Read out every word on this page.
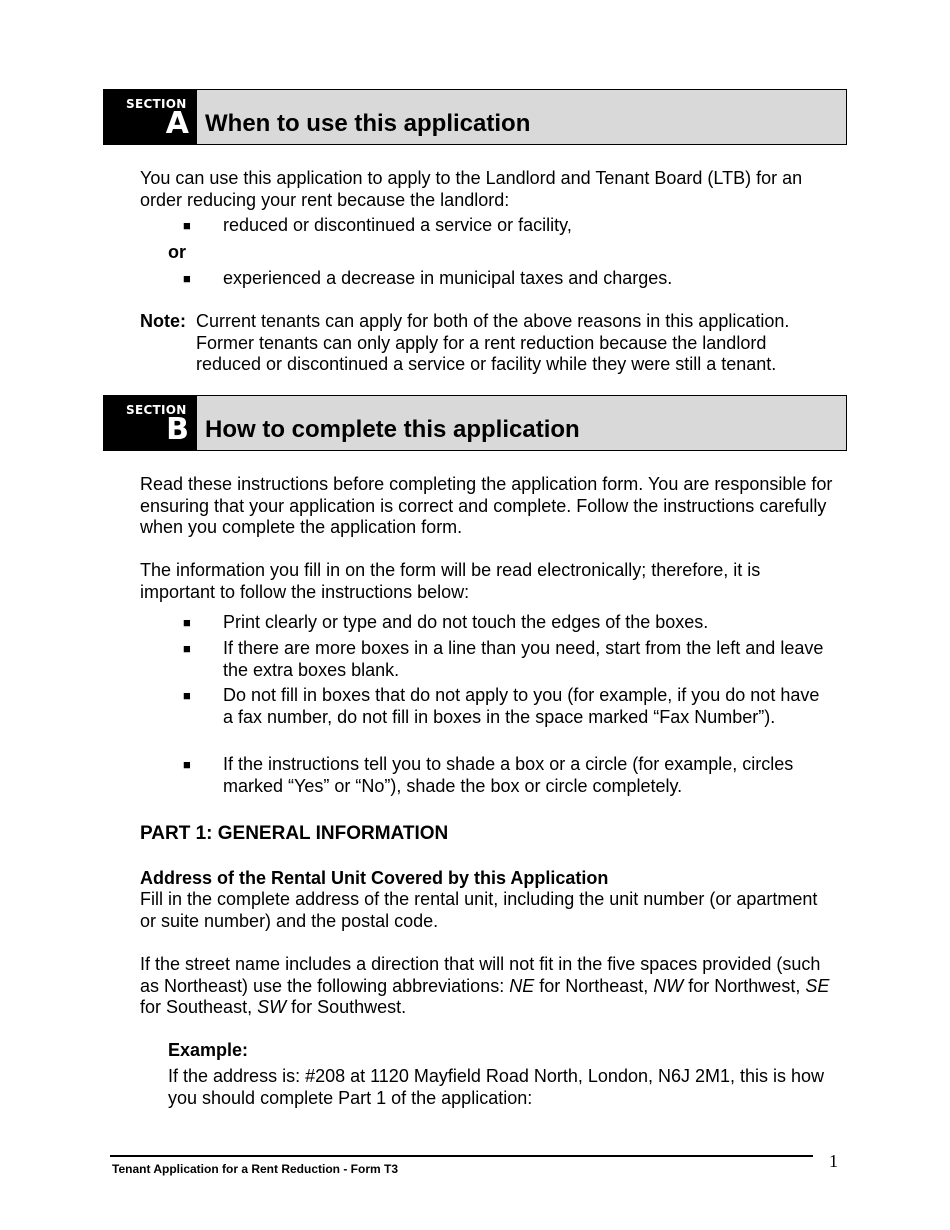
SECTION
A When to use this application
You can use this application to apply to the Landlord and Tenant Board (LTB) for an order reducing your rent because the landlord:
■ reduced or discontinued a service or facility,
or
■ experienced a decrease in municipal taxes and charges.
Note: Current tenants can apply for both of the above reasons in this application. Former tenants can only apply for a rent reduction because the landlord reduced or discontinued a service or facility while they were still a tenant.
SECTION
B How to complete this application
Read these instructions before completing the application form. You are responsible for ensuring that your application is correct and complete. Follow the instructions carefully when you complete the application form.
The information you fill in on the form will be read electronically; therefore, it is important to follow the instructions below:
■ Print clearly or type and do not touch the edges of the boxes.
■ If there are more boxes in a line than you need, start from the left and leave the extra boxes blank.
■ Do not fill in boxes that do not apply to you (for example, if you do not have a fax number, do not fill in boxes in the space marked “Fax Number”).
■ If the instructions tell you to shade a box or a circle (for example, circles marked “Yes” or “No”), shade the box or circle completely.
PART 1: GENERAL INFORMATION
Address of the Rental Unit Covered by this Application
Fill in the complete address of the rental unit, including the unit number (or apartment or suite number) and the postal code.
If the street name includes a direction that will not fit in the five spaces provided (such as Northeast) use the following abbreviations: NE for Northeast, NW for Northwest, SE for Southeast, SW for Southwest.
Example:
If the address is: #208 at 1120 Mayfield Road North, London, N6J 2M1, this is how you should complete Part 1 of the application:
Tenant Application for a Rent Reduction - Form T3	1
